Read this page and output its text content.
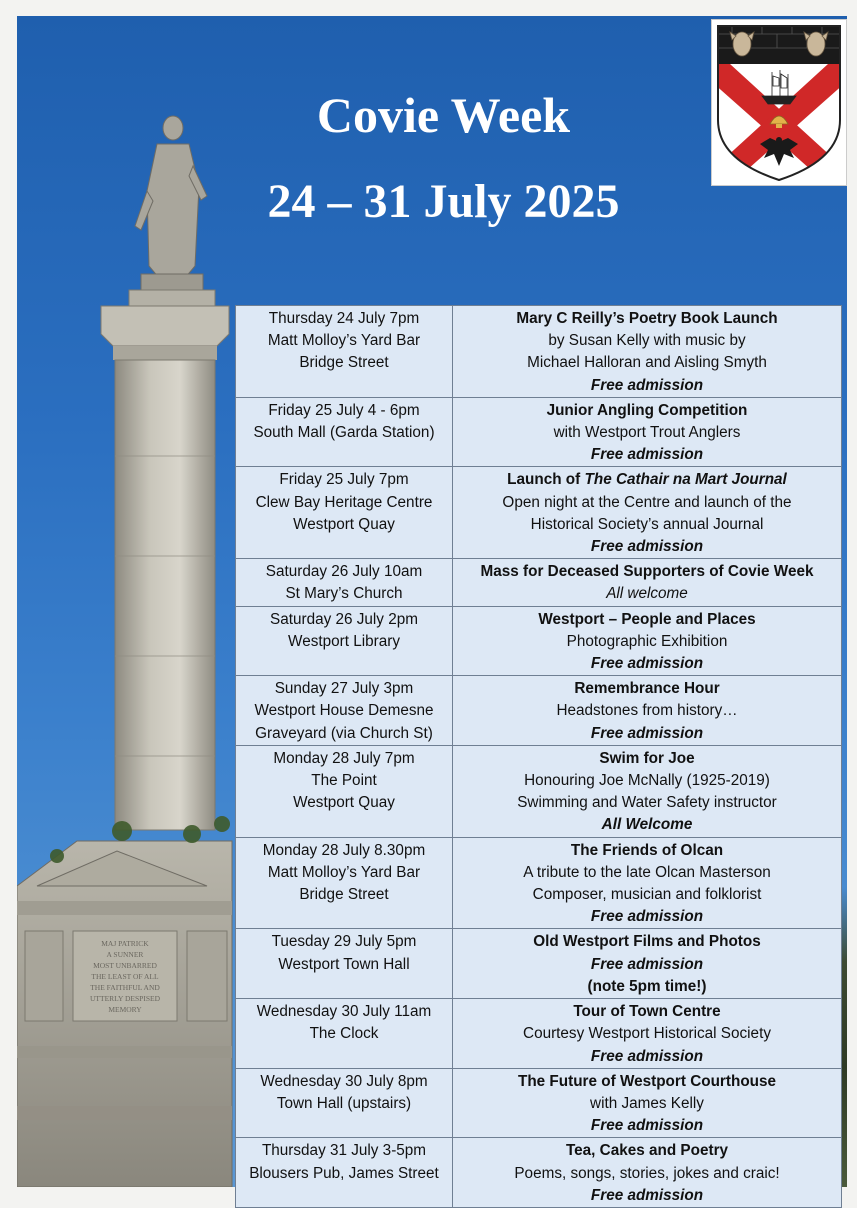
MAJ PATRICK
A SUNNER
MOST UNBARRED
THE LEAST OF ALL
THE FAITHFUL AND
UTTERLY DESPISED
MEMORY
Covie Week
24 – 31 July 2025
Thursday 24 July 7pm
Matt Molloy’s Yard Bar
Bridge Street	Mary C Reilly’s Poetry Book Launch
by Susan Kelly with music by
Michael Halloran and Aisling Smyth
Free admission

Friday 25 July 4 - 6pm
South Mall (Garda Station)	Junior Angling Competition
with Westport Trout Anglers
Free admission

Friday 25 July 7pm
Clew Bay Heritage Centre
Westport Quay	Launch of The Cathair na Mart Journal
Open night at the Centre and launch of the
Historical Society’s annual Journal
Free admission

Saturday 26 July 10am
St Mary’s Church	Mass for Deceased Supporters of Covie Week
All welcome

Saturday 26 July 2pm
Westport Library	Westport – People and Places
Photographic Exhibition
Free admission

Sunday 27 July 3pm
Westport House Demesne
Graveyard (via Church St)	Remembrance Hour
Headstones from history…
Free admission

Monday 28 July 7pm
The Point
Westport Quay	Swim for Joe
Honouring Joe McNally (1925-2019)
Swimming and Water Safety instructor
All Welcome

Monday 28 July 8.30pm
Matt Molloy’s Yard Bar
Bridge Street	The Friends of Olcan
A tribute to the late Olcan Masterson
Composer, musician and folklorist
Free admission

Tuesday 29 July 5pm
Westport Town Hall	Old Westport Films and Photos
Free admission
(note 5pm time!)

Wednesday 30 July 11am
The Clock	Tour of Town Centre
Courtesy Westport Historical Society
Free admission

Wednesday 30 July 8pm
Town Hall (upstairs)	The Future of Westport Courthouse
with James Kelly
Free admission

Thursday 31 July 3-5pm
Blousers Pub, James Street	Tea, Cakes and Poetry
Poems, songs, stories, jokes and craic!
Free admission
